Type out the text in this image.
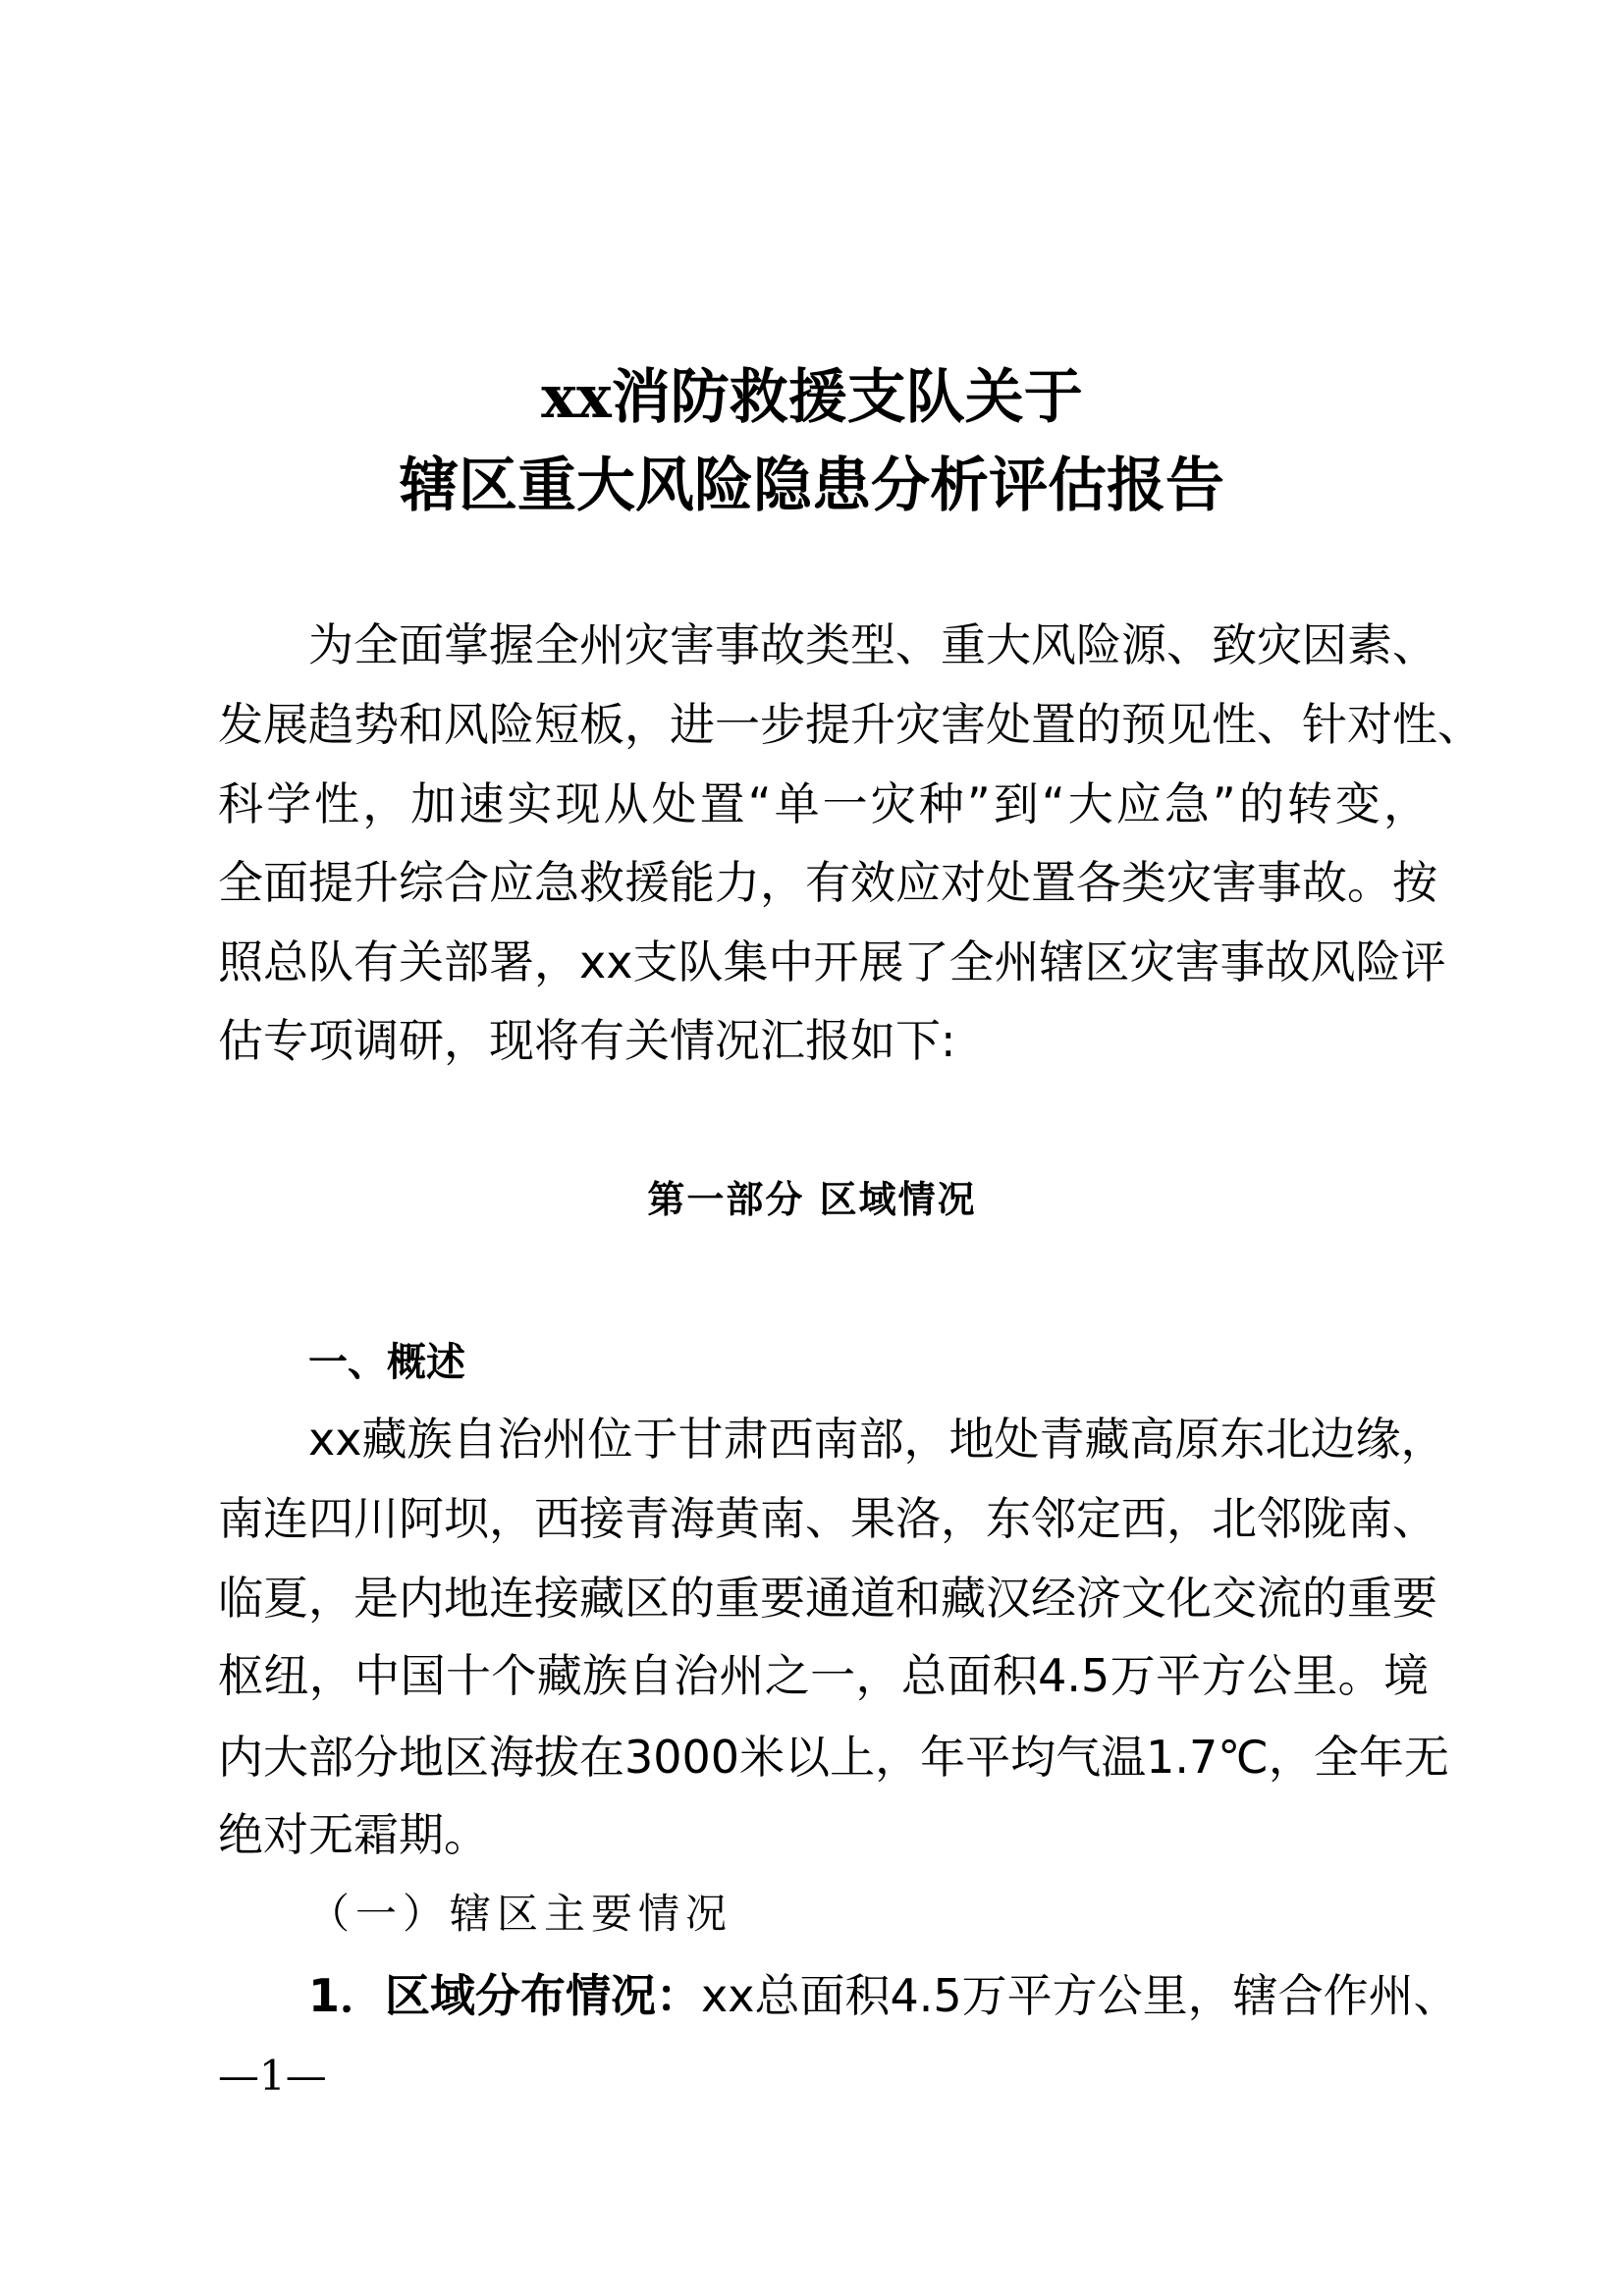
xx消防救援支队关于
辖区重大风险隐患分析评估报告
为全面掌握全州灾害事故类型、重大风险源、致灾因素、
发展趋势和风险短板，进一步提升灾害处置的预见性、针对性、
科学性，加速实现从处置“单一灾种”到“大应急”的转变，
全面提升综合应急救援能力，有效应对处置各类灾害事故。按
照总队有关部署，xx支队集中开展了全州辖区灾害事故风险评
估专项调研，现将有关情况汇报如下:
第一部分 区域情况
一、概述
xx藏族自治州位于甘肃西南部，地处青藏高原东北边缘，
南连四川阿坝，西接青海黄南、果洛，东邻定西，北邻陇南、
临夏，是内地连接藏区的重要通道和藏汉经济文化交流的重要
枢纽，中国十个藏族自治州之一，总面积4.5万平方公里。境
内大部分地区海拔在3000米以上，年平均气温1.7℃，全年无
绝对无霜期。
（一）辖区主要情况
1．区域分布情况：xx总面积4.5万平方公里，辖合作州、
—1—
